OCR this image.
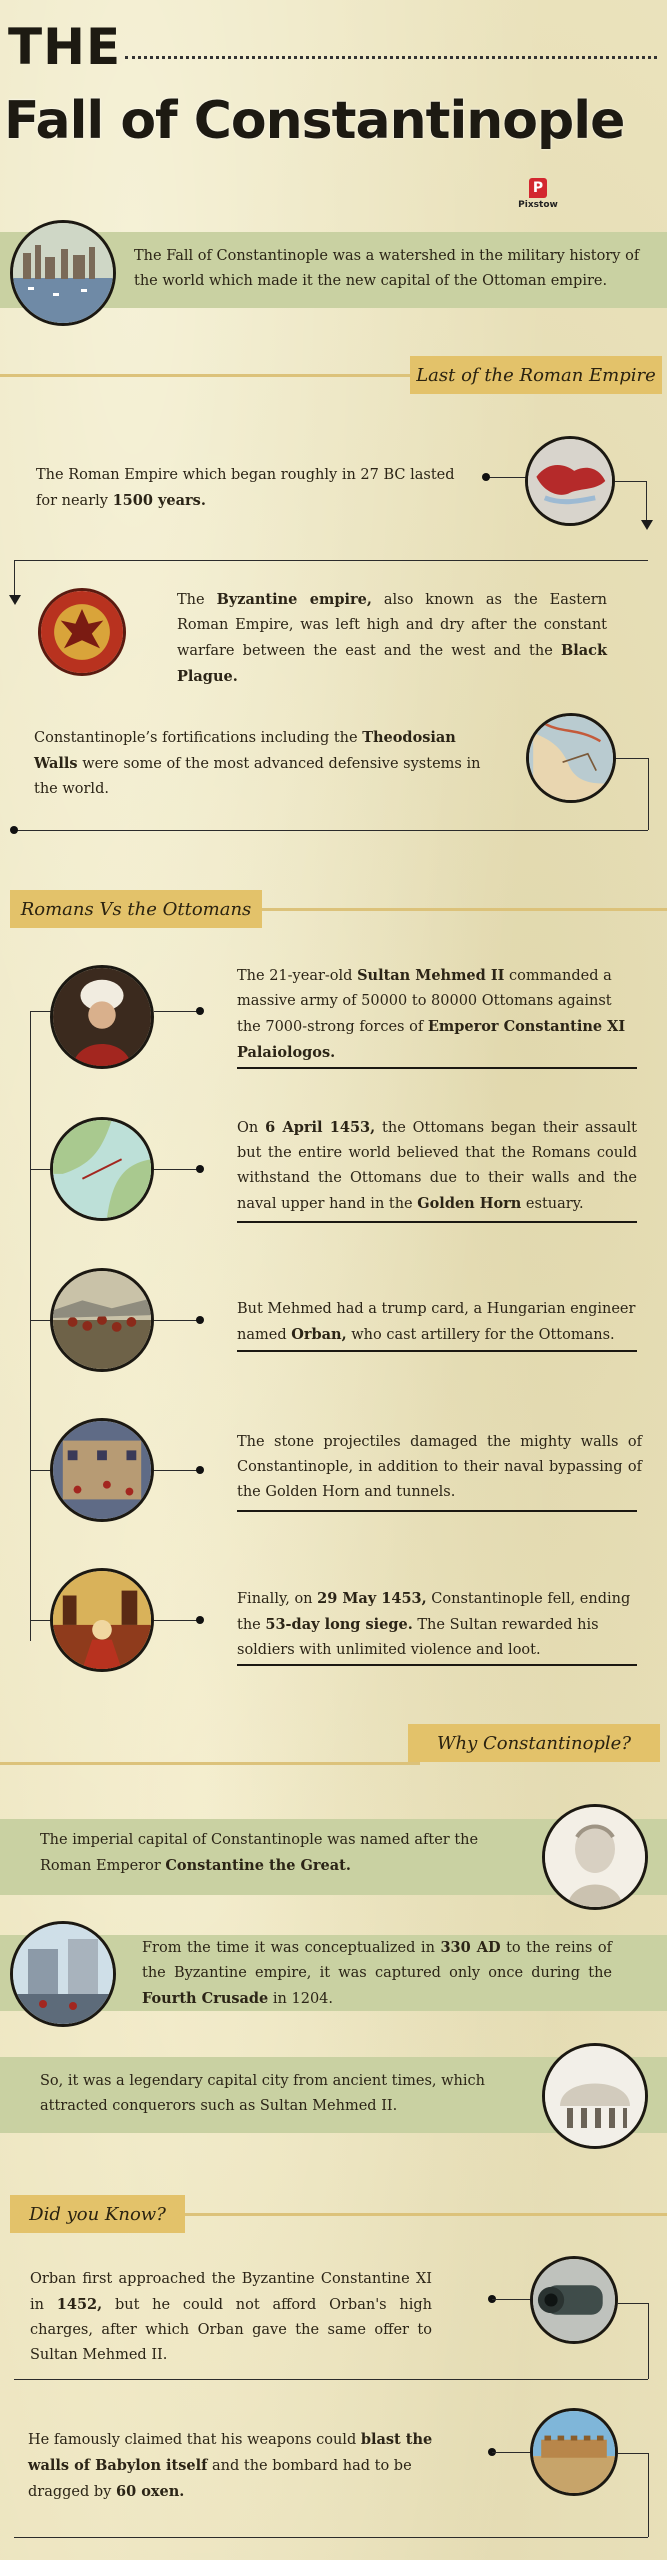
THE
Fall of Constantinople
P
Pixstow
The Fall of Constantinople was a watershed in the military history of the world which made it the new capital of the Ottoman empire.
Last of the Roman Empire
The Roman Empire which began roughly in 27 BC lasted for nearly 1500 years.
The Byzantine empire, also known as the Eastern Roman Empire, was left high and dry after the constant warfare between the east and the west and the Black Plague.
Constantinople’s fortifications including the Theodosian Walls were some of the most advanced defensive systems in the world.
Romans Vs the Ottomans
The 21-year-old Sultan Mehmed II commanded a massive army of 50000 to 80000 Ottomans against the 7000-strong forces of Emperor Constantine XI Palaiologos.
On 6 April 1453, the Ottomans began their assault but the entire world believed that the Romans could withstand the Ottomans due to their walls and the naval upper hand in the Golden Horn estuary.
But Mehmed had a trump card, a Hungarian engineer named Orban, who cast artillery for the Ottomans.
The stone projectiles damaged the mighty walls of Constantinople, in addition to their naval bypassing of the Golden Horn and tunnels.
Finally, on 29 May 1453, Constantinople fell, ending the 53-day long siege. The Sultan rewarded his soldiers with unlimited violence and loot.
Why Constantinople?
The imperial capital of Constantinople was named after the Roman Emperor Constantine the Great.
From the time it was conceptualized in 330 AD to the reins of the Byzantine empire, it was captured only once during the Fourth Crusade in 1204.
So, it was a legendary capital city from ancient times, which attracted conquerors such as Sultan Mehmed II.
Did you Know?
Orban first approached the Byzantine Constantine XI in 1452, but he could not afford Orban's high charges, after which Orban gave the same offer to Sultan Mehmed II.
He famously claimed that his weapons could blast the walls of Babylon itself and the bombard had to be dragged by 60 oxen.
